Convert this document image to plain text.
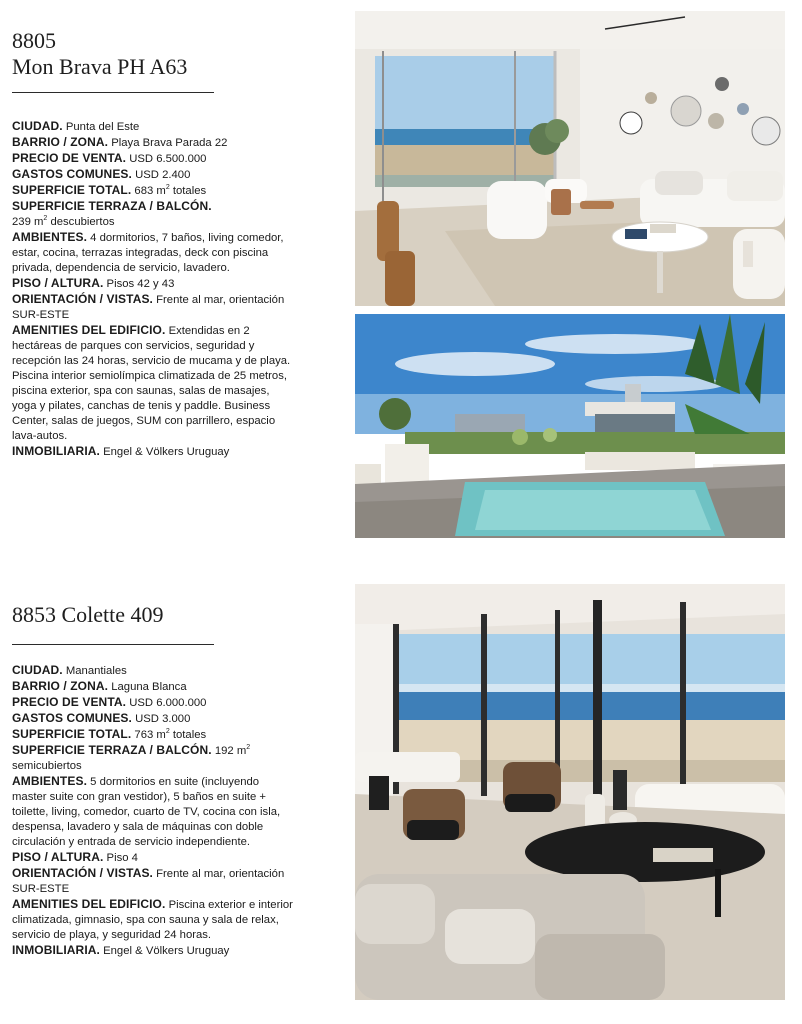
8805
Mon Brava PH A63

CIUDAD. Punta del Este

BARRIO / ZONA. Playa Brava Parada 22

PRECIO DE VENTA. USD 6.500.000

GASTOS COMUNES. USD 2.400

SUPERFICIE TOTAL. 683 $m^2$ totales

SUPERFICIE TERRAZA / BALCÓN.
239 $m^2$ descubiertos

AMBIENTES. 4 dormitorios, 7 baños, living comedor, estar, cocina, terrazas integradas, deck con piscina privada, dependencia de servicio, lavadero.

PISO / ALTURA. Pisos 42 y 43

ORIENTACIÓN / VISTAS. Frente al mar, orientación SUR-ESTE

AMENITIES DEL EDIFICIO. Extendidas en 2 hectáreas de parques con servicios, seguridad y recepción las 24 horas, servicio de mucama y de playa. Piscina interior semiolímpica climatizada de 25 metros, piscina exterior, spa con saunas, salas de masajes, yoga y pilates, canchas de tenis y paddle. Business Center, salas de juegos, SUM con parrillero, espacio lava-autos.

INMOBILIARIA. Engel & Völkers Uruguay

8853 Colette 409

CIUDAD. Manantiales

BARRIO / ZONA. Laguna Blanca

PRECIO DE VENTA. USD 6.000.000

GASTOS COMUNES. USD 3.000

SUPERFICIE TOTAL. 763 $m^2$ totales

SUPERFICIE TERRAZA / BALCÓN. 192 $m^2$ semicubiertos

AMBIENTES. 5 dormitorios en suite (incluyendo master suite con gran vestidor), 5 baños en suite + toilette, living, comedor, cuarto de TV, cocina con isla, despensa, lavadero y sala de máquinas con doble circulación y entrada de servicio independiente.

PISO / ALTURA. Piso 4

ORIENTACIÓN / VISTAS. Frente al mar, orientación SUR-ESTE

AMENITIES DEL EDIFICIO. Piscina exterior e interior climatizada, gimnasio, spa con sauna y sala de relax, servicio de playa, y seguridad 24 horas.

INMOBILIARIA. Engel & Völkers Uruguay
